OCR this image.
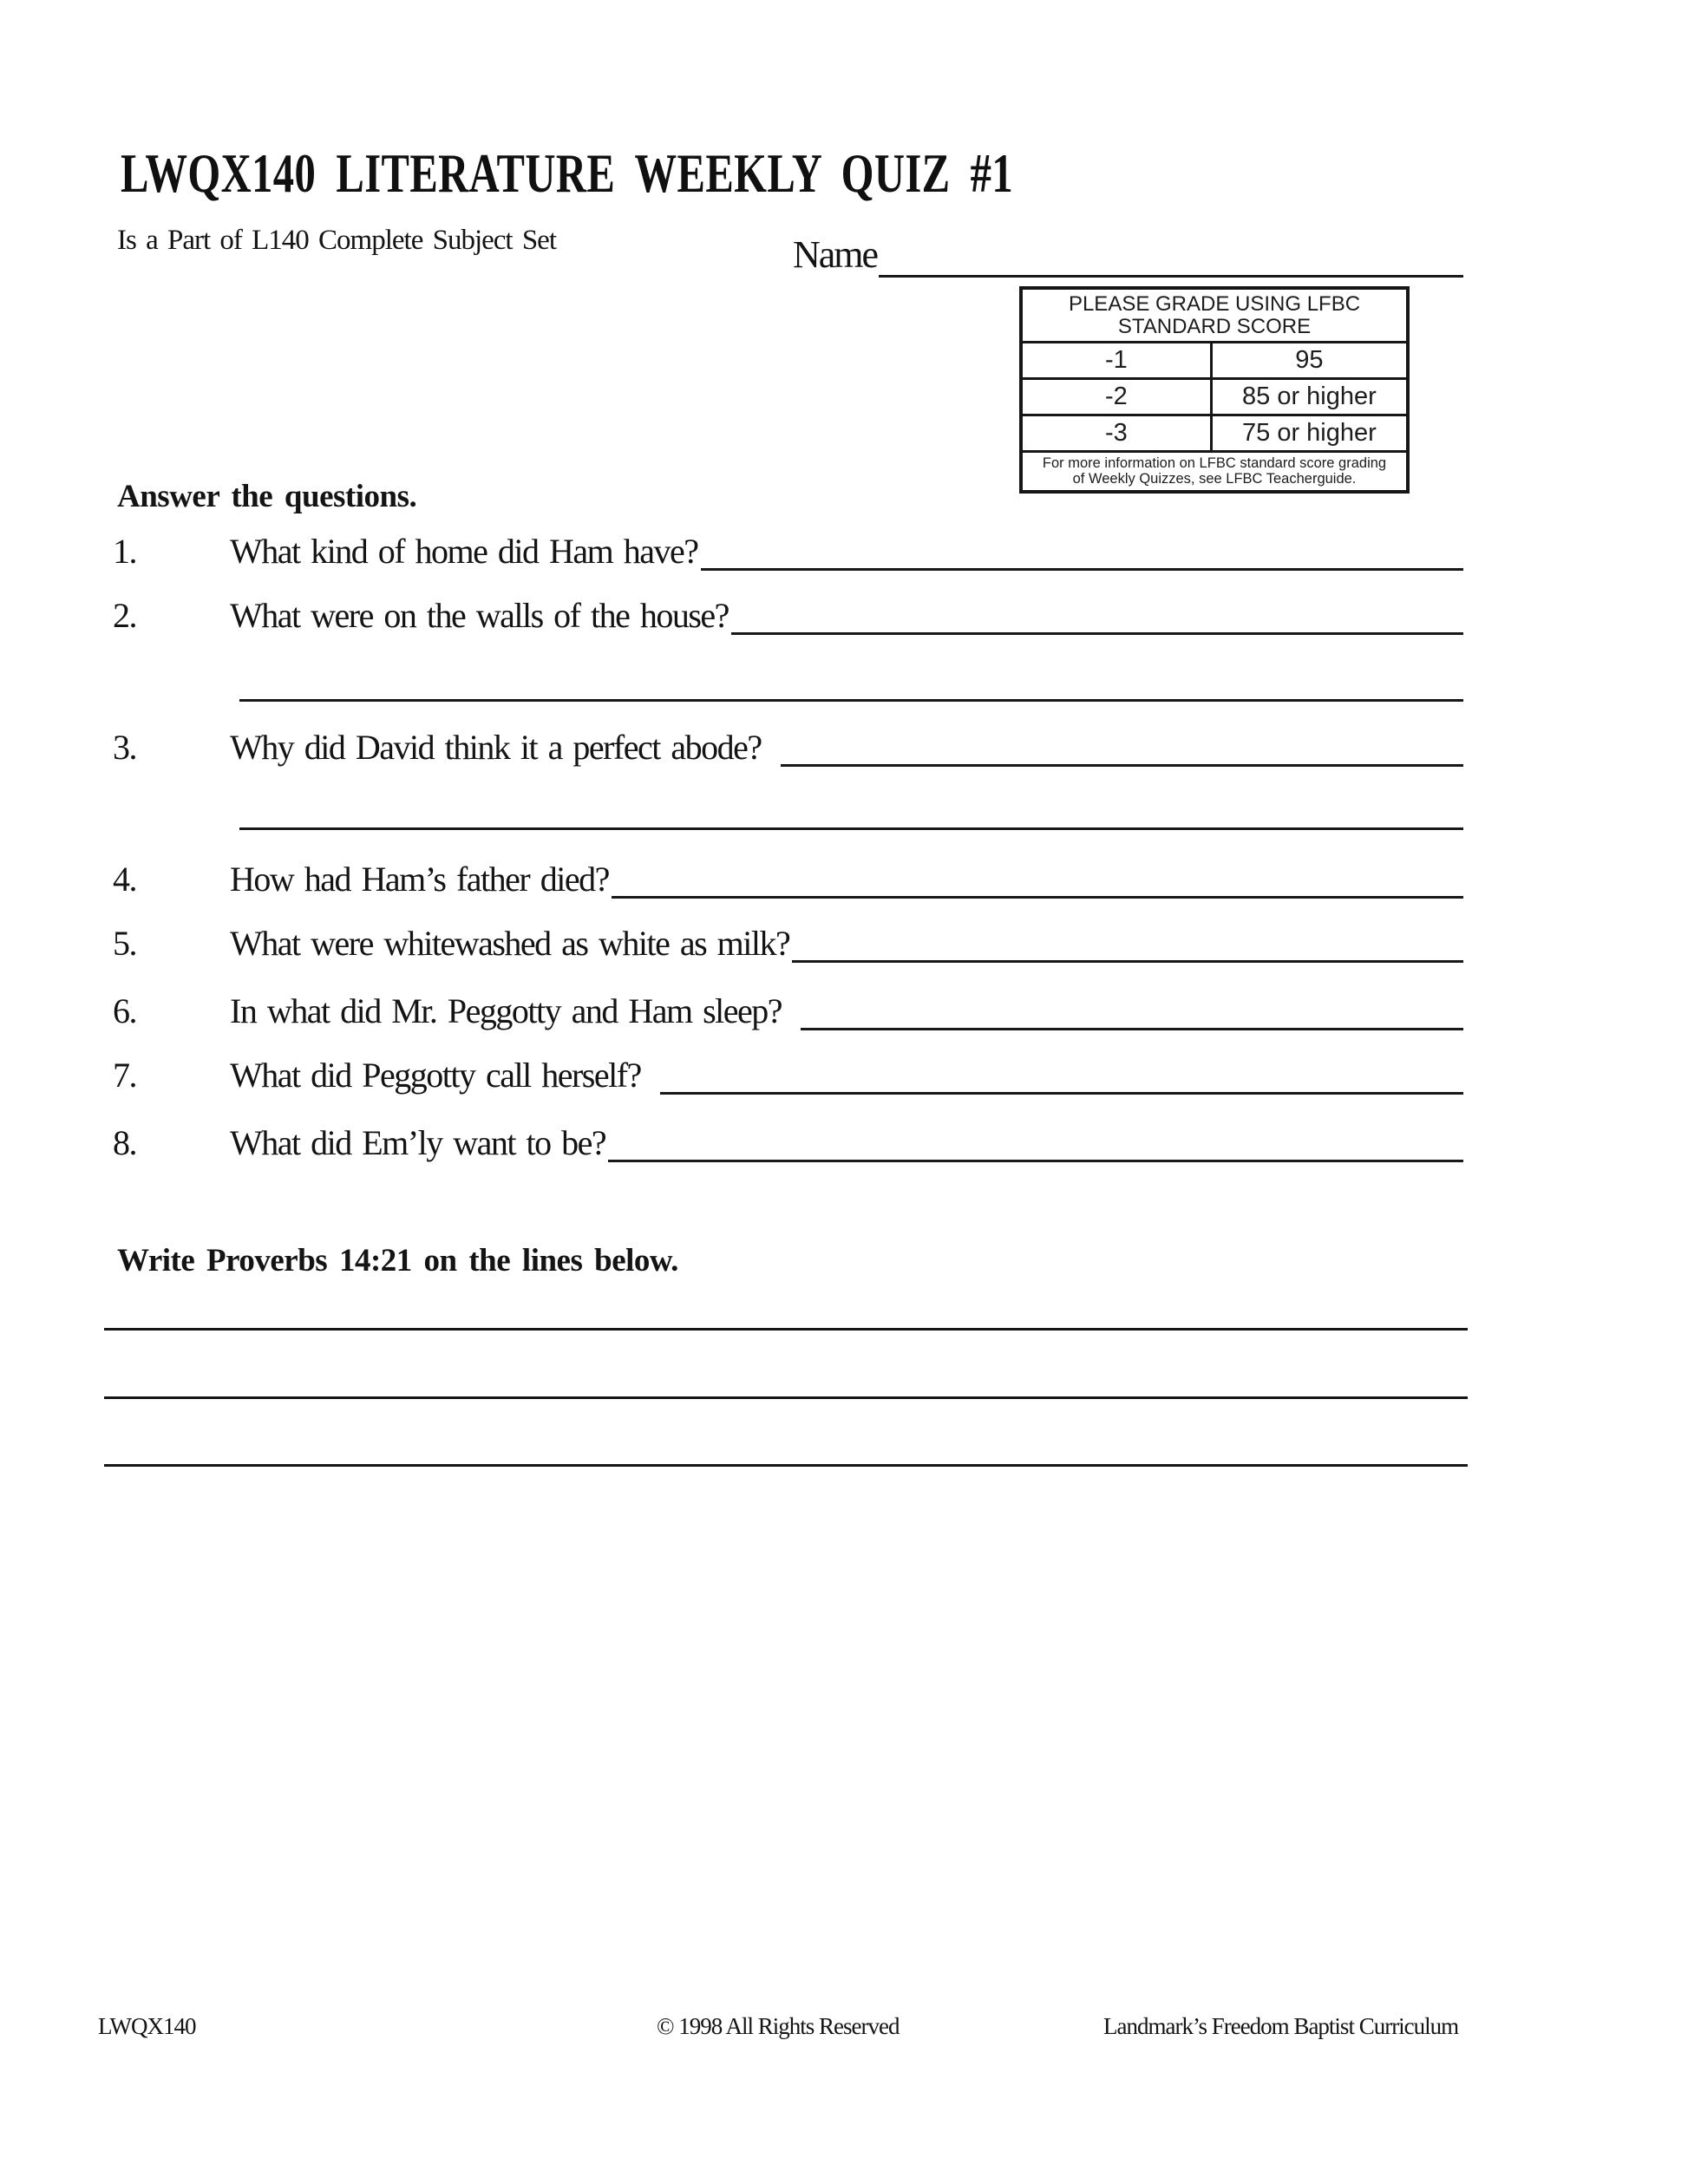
LWQX140 LITERATURE WEEKLY QUIZ #1
Is a Part of L140 Complete Subject Set	Name
PLEASE GRADE USING LFBC
STANDARD SCORE
-1	95
-2	85 or higher
-3	75 or higher
For more information on LFBC standard score grading
of Weekly Quizzes, see LFBC Teacherguide.
Answer the questions.
1.	What kind of home did Ham have?
2.	What were on the walls of the house?
3.	Why did David think it a perfect abode?
4.	How had Ham’s father died?
5.	What were whitewashed as white as milk?
6.	In what did Mr. Peggotty and Ham sleep?
7.	What did Peggotty call herself?
8.	What did Em’ly want to be?
Write Proverbs 14:21 on the lines below.
LWQX140	© 1998 All Rights Reserved	Landmark’s Freedom Baptist Curriculum
